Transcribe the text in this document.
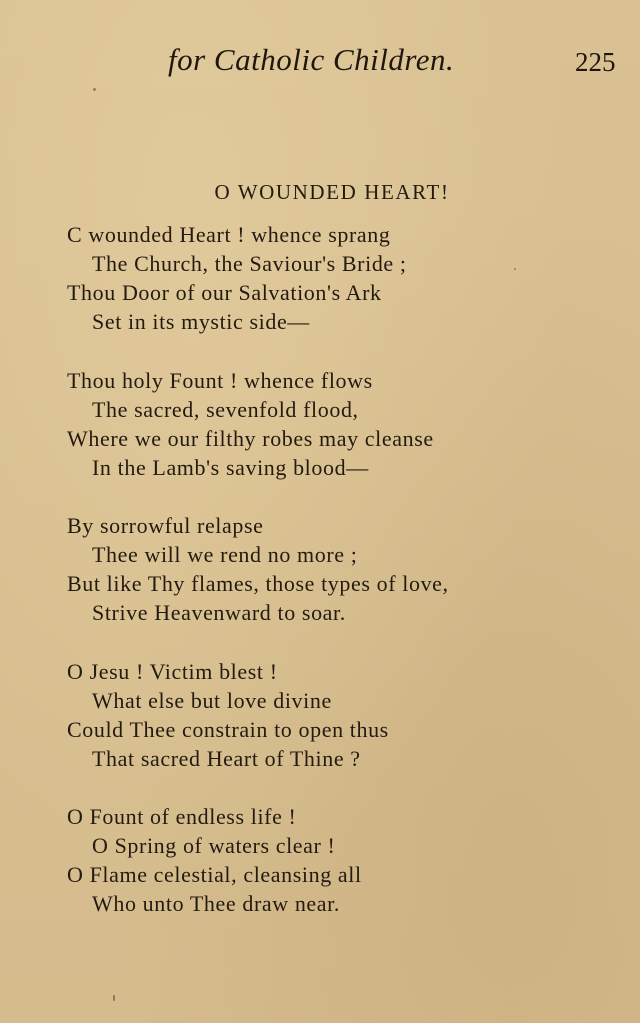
for Catholic Children.	225
O WOUNDED HEART!
C wounded Heart ! whence sprang
The Church, the Saviour's Bride ;
Thou Door of our Salvation's Ark
Set in its mystic side—
Thou holy Fount ! whence flows
The sacred, sevenfold flood,
Where we our filthy robes may cleanse
In the Lamb's saving blood—
By sorrowful relapse
Thee will we rend no more ;
But like Thy flames, those types of love,
Strive Heavenward to soar.
O Jesu ! Victim blest !
What else but love divine
Could Thee constrain to open thus
That sacred Heart of Thine ?
O Fount of endless life !
O Spring of waters clear !
O Flame celestial, cleansing all
Who unto Thee draw near.
